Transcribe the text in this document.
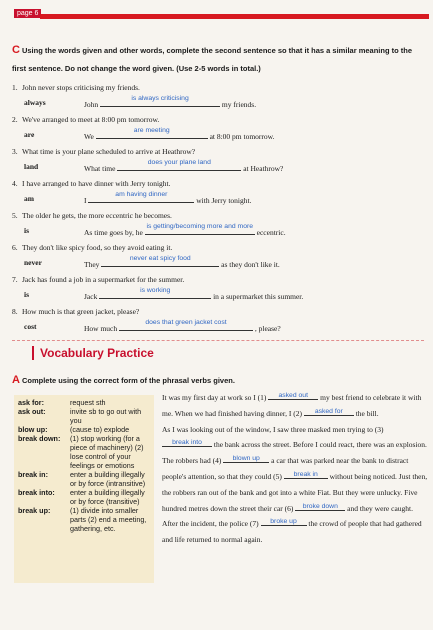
page 6
C Using the words given and other words, complete the second sentence so that it has a similar meaning to the first sentence. Do not change the word given. (Use 2-5 words in total.)
1. John never stops criticising my friends.
always	John
is always criticising
my friends.
2. We've arranged to meet at 8:00 pm tomorrow.
are	We
are meeting
at 8:00 pm tomorrow.
3. What time is your plane scheduled to arrive at Heathrow?
land	What time
does your plane land
at Heathrow?
4. I have arranged to have dinner with Jerry tonight.
am	I
am having dinner
with Jerry tonight.
5. The older he gets, the more eccentric he becomes.
is	As time goes by, he
is getting/becoming more and more
eccentric.
6. They don't like spicy food, so they avoid eating it.
never	They
never eat spicy food
as they don't like it.
7. Jack has found a job in a supermarket for the summer.
is	Jack
is working
in a supermarket this summer.
8. How much is that green jacket, please?
cost	How much
does that green jacket cost
, please?
Vocabulary Practice
A Complete using the correct form of the phrasal verbs given.
ask for:	request sth
ask out:	invite sb to go out with you
blow up:	(cause to) explode
break down:	(1) stop working (for a piece of machinery) (2) lose control of your feelings or emotions
break in:	enter a building illegally or by force (intransitive)
break into:	enter a building illegally or by force (transitive)
break up:	(1) divide into smaller parts (2) end a meeting, gathering, etc.

It was my first day at work so I (1)	asked out	my best friend to celebrate it with me. When we had finished having dinner, I (2)	asked for	the bill.

As I was looking out of the window, I saw three masked men trying to (3)
break into	the bank across the street. Before I could react, there was an explosion. The robbers had (4)	blown up	a car that was parked near the bank to distract people's attention, so that they could (5)	break in	without being noticed. Just then, the robbers ran out of the bank and got into a white Fiat. But they were unlucky. Five hundred metres down the street their car (6)	broke down	and they were caught.

After the incident, the police (7)	broke up	the crowd of people that had gathered and life returned to normal again.
